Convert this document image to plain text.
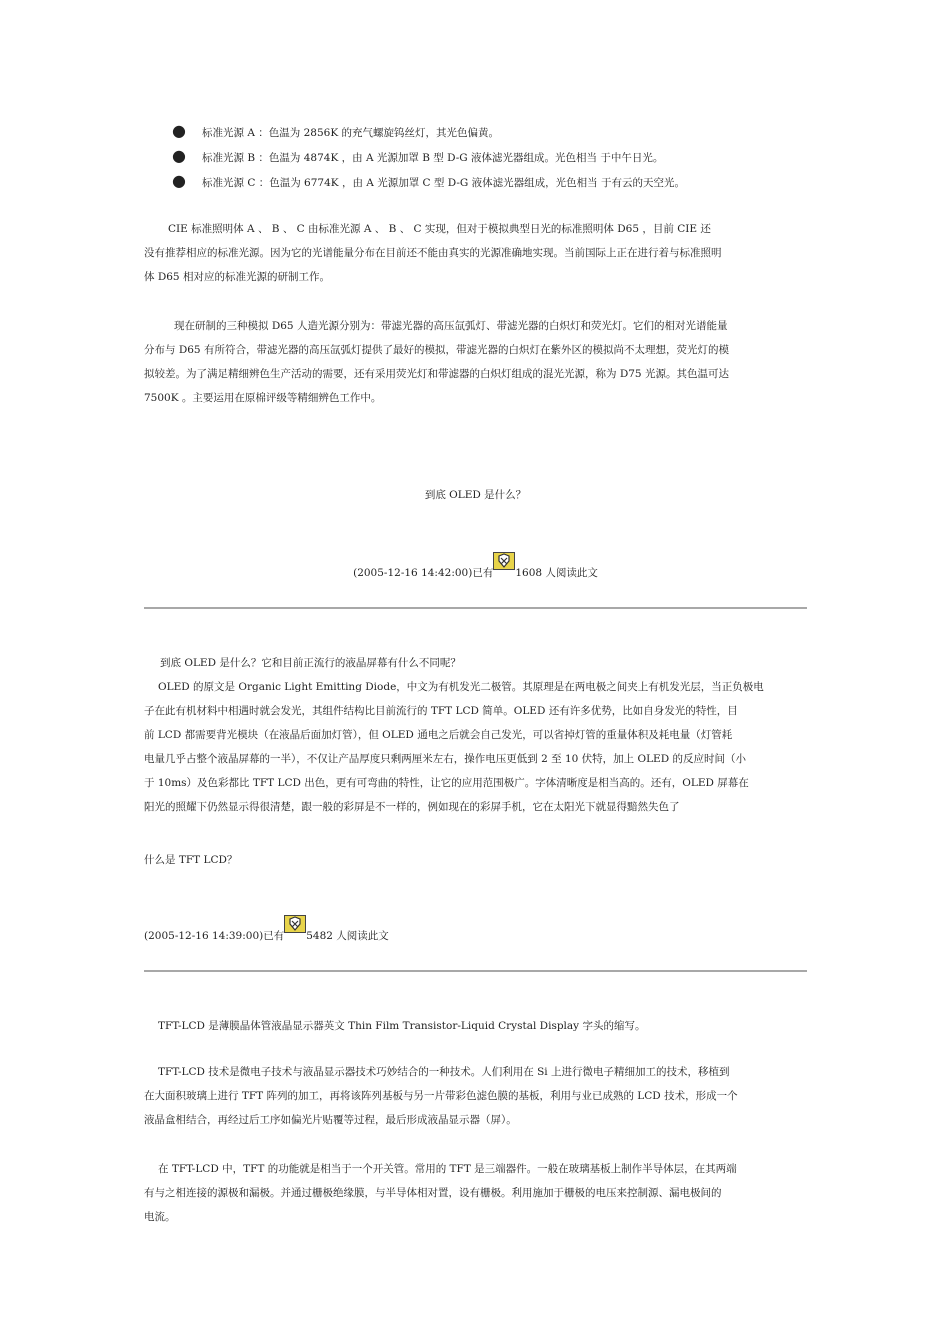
● 标准光源 A ：色温为 2856K 的充气螺旋钨丝灯，其光色偏黄。
● 标准光源 B ：色温为 4874K ，由 A 光源加罩 B 型 D-G 液体滤光器组成。光色相当 于中午日光。
● 标准光源 C ：色温为 6774K ，由 A 光源加罩 C 型 D-G 液体滤光器组成，光色相当 于有云的天空光。

CIE 标准照明体 A 、 B 、 C 由标准光源 A 、 B 、 C 实现，但对于模拟典型日光的标准照明体 D65 ，目前 CIE 还

没有推荐相应的标准光源。因为它的光谱能量分布在目前还不能由真实的光源准确地实现。当前国际上正在进行着与标准照明

体 D65 相对应的标准光源的研制工作。

现在研制的三种模拟 D65 人造光源分别为：带滤光器的高压氙弧灯、带滤光器的白炽灯和荧光灯。它们的相对光谱能量

分布与 D65 有所符合，带滤光器的高压氙弧灯提供了最好的模拟，带滤光器的白炽灯在紫外区的模拟尚不太理想，荧光灯的模

拟较差。为了满足精细辨色生产活动的需要，还有采用荧光灯和带滤器的白炽灯组成的混光光源，称为 D75 光源。其色温可达

7500K 。主要运用在原棉评级等精细辨色工作中。

到底 OLED 是什么？
(2005-12-16 14:42:00)已有 1608 人阅读此文

到底 OLED 是什么？它和目前正流行的液晶屏幕有什么不同呢？

OLED 的原文是 Organic Light Emitting Diode，中文为有机发光二极管。其原理是在两电极之间夹上有机发光层，当正负极电

子在此有机材料中相遇时就会发光，其组件结构比目前流行的 TFT LCD 简单。OLED 还有许多优势，比如自身发光的特性，目

前 LCD 都需要背光模块（在液晶后面加灯管），但 OLED 通电之后就会自己发光，可以省掉灯管的重量体积及耗电量（灯管耗

电量几乎占整个液晶屏幕的一半），不仅让产品厚度只剩两厘米左右，操作电压更低到 2 至 10 伏特，加上 OLED 的反应时间（小

于 10ms）及色彩都比 TFT LCD 出色，更有可弯曲的特性，让它的应用范围极广。字体清晰度是相当高的。还有，OLED 屏幕在

阳光的照耀下仍然显示得很清楚，跟一般的彩屏是不一样的，例如现在的彩屏手机，它在太阳光下就显得黯然失色了

什么是 TFT LCD？
(2005-12-16 14:39:00)已有 5482 人阅读此文

TFT-LCD 是薄膜晶体管液晶显示器英文 Thin Film Transistor-Liquid Crystal Display 字头的缩写。

TFT-LCD 技术是微电子技术与液晶显示器技术巧妙结合的一种技术。人们利用在 Si 上进行微电子精细加工的技术，移植到

在大面积玻璃上进行 TFT 阵列的加工，再将该阵列基板与另一片带彩色滤色膜的基板，利用与业已成熟的 LCD 技术，形成一个

液晶盒相结合，再经过后工序如偏光片贴覆等过程，最后形成液晶显示器（屏）。

在 TFT-LCD 中，TFT 的功能就是相当于一个开关管。常用的 TFT 是三端器件。一般在玻璃基板上制作半导体层，在其两端

有与之相连接的源极和漏极。并通过栅极绝缘膜，与半导体相对置，设有栅极。利用施加于栅极的电压来控制源、漏电极间的

电流。
